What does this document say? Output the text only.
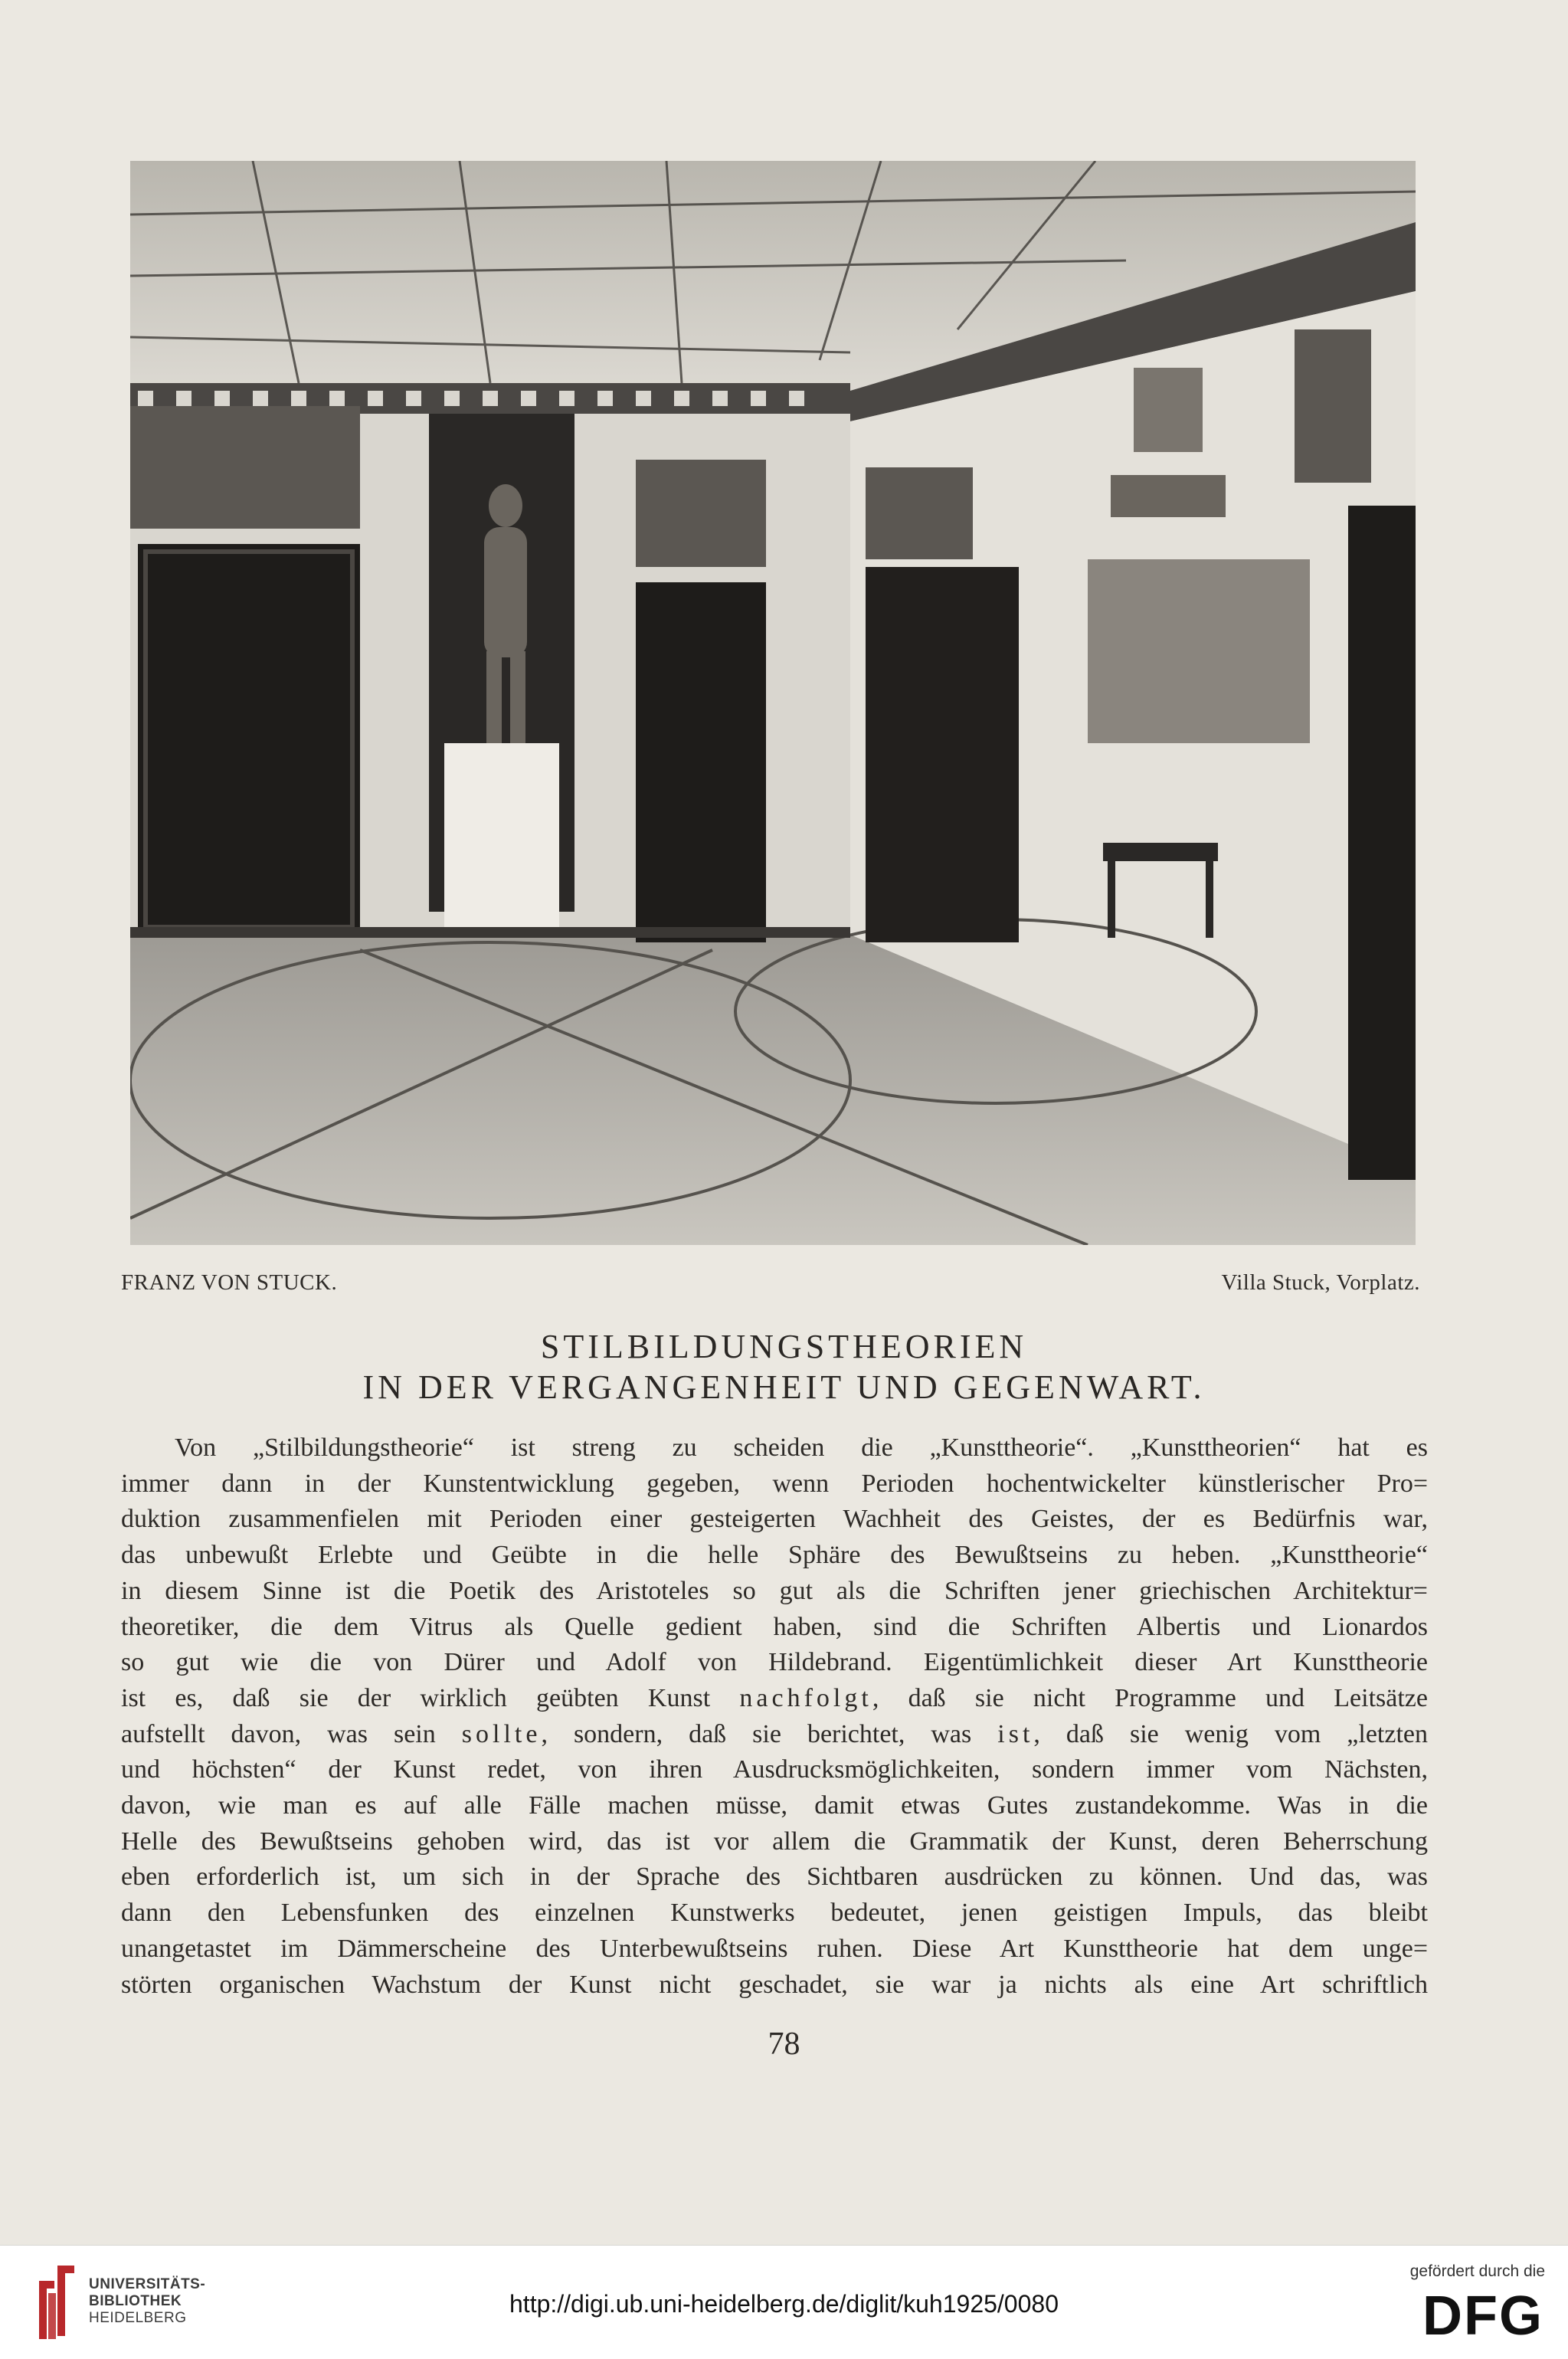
FRANZ VON STUCK.	Villa Stuck, Vorplatz.
STILBILDUNGSTHEORIEN
IN DER VERGANGENHEIT UND GEGENWART.
Von „Stilbildungstheorie“ ist streng zu scheiden die „Kunsttheorie“. „Kunsttheorien“ hat es
immer dann in der Kunstentwicklung gegeben, wenn Perioden hochentwickelter künstlerischer Pro=
duktion zusammenfielen mit Perioden einer gesteigerten Wachheit des Geistes, der es Bedürfnis war,
das unbewußt Erlebte und Geübte in die helle Sphäre des Bewußtseins zu heben. „Kunsttheorie“
in diesem Sinne ist die Poetik des Aristoteles so gut als die Schriften jener griechischen Architektur=
theoretiker, die dem Vitrus als Quelle gedient haben, sind die Schriften Albertis und Lionardos
so gut wie die von Dürer und Adolf von Hildebrand. Eigentümlichkeit dieser Art Kunsttheorie
ist es, daß sie der wirklich geübten Kunst nachfolgt, daß sie nicht Programme und Leitsätze
aufstellt davon, was sein sollte, sondern, daß sie berichtet, was ist, daß sie wenig vom „letzten
und höchsten“ der Kunst redet, von ihren Ausdrucksmöglichkeiten, sondern immer vom Nächsten,
davon, wie man es auf alle Fälle machen müsse, damit etwas Gutes zustandekomme. Was in die
Helle des Bewußtseins gehoben wird, das ist vor allem die Grammatik der Kunst, deren Beherrschung
eben erforderlich ist, um sich in der Sprache des Sichtbaren ausdrücken zu können. Und das, was
dann den Lebensfunken des einzelnen Kunstwerks bedeutet, jenen geistigen Impuls, das bleibt
unangetastet im Dämmerscheine des Unterbewußtseins ruhen. Diese Art Kunsttheorie hat dem unge=
störten organischen Wachstum der Kunst nicht geschadet, sie war ja nichts als eine Art schriftlich
78
UNIVERSITÄTS-
BIBLIOTHEK
HEIDELBERG
http://digi.ub.uni-heidelberg.de/diglit/kuh1925/0080
gefördert durch die
DFG
